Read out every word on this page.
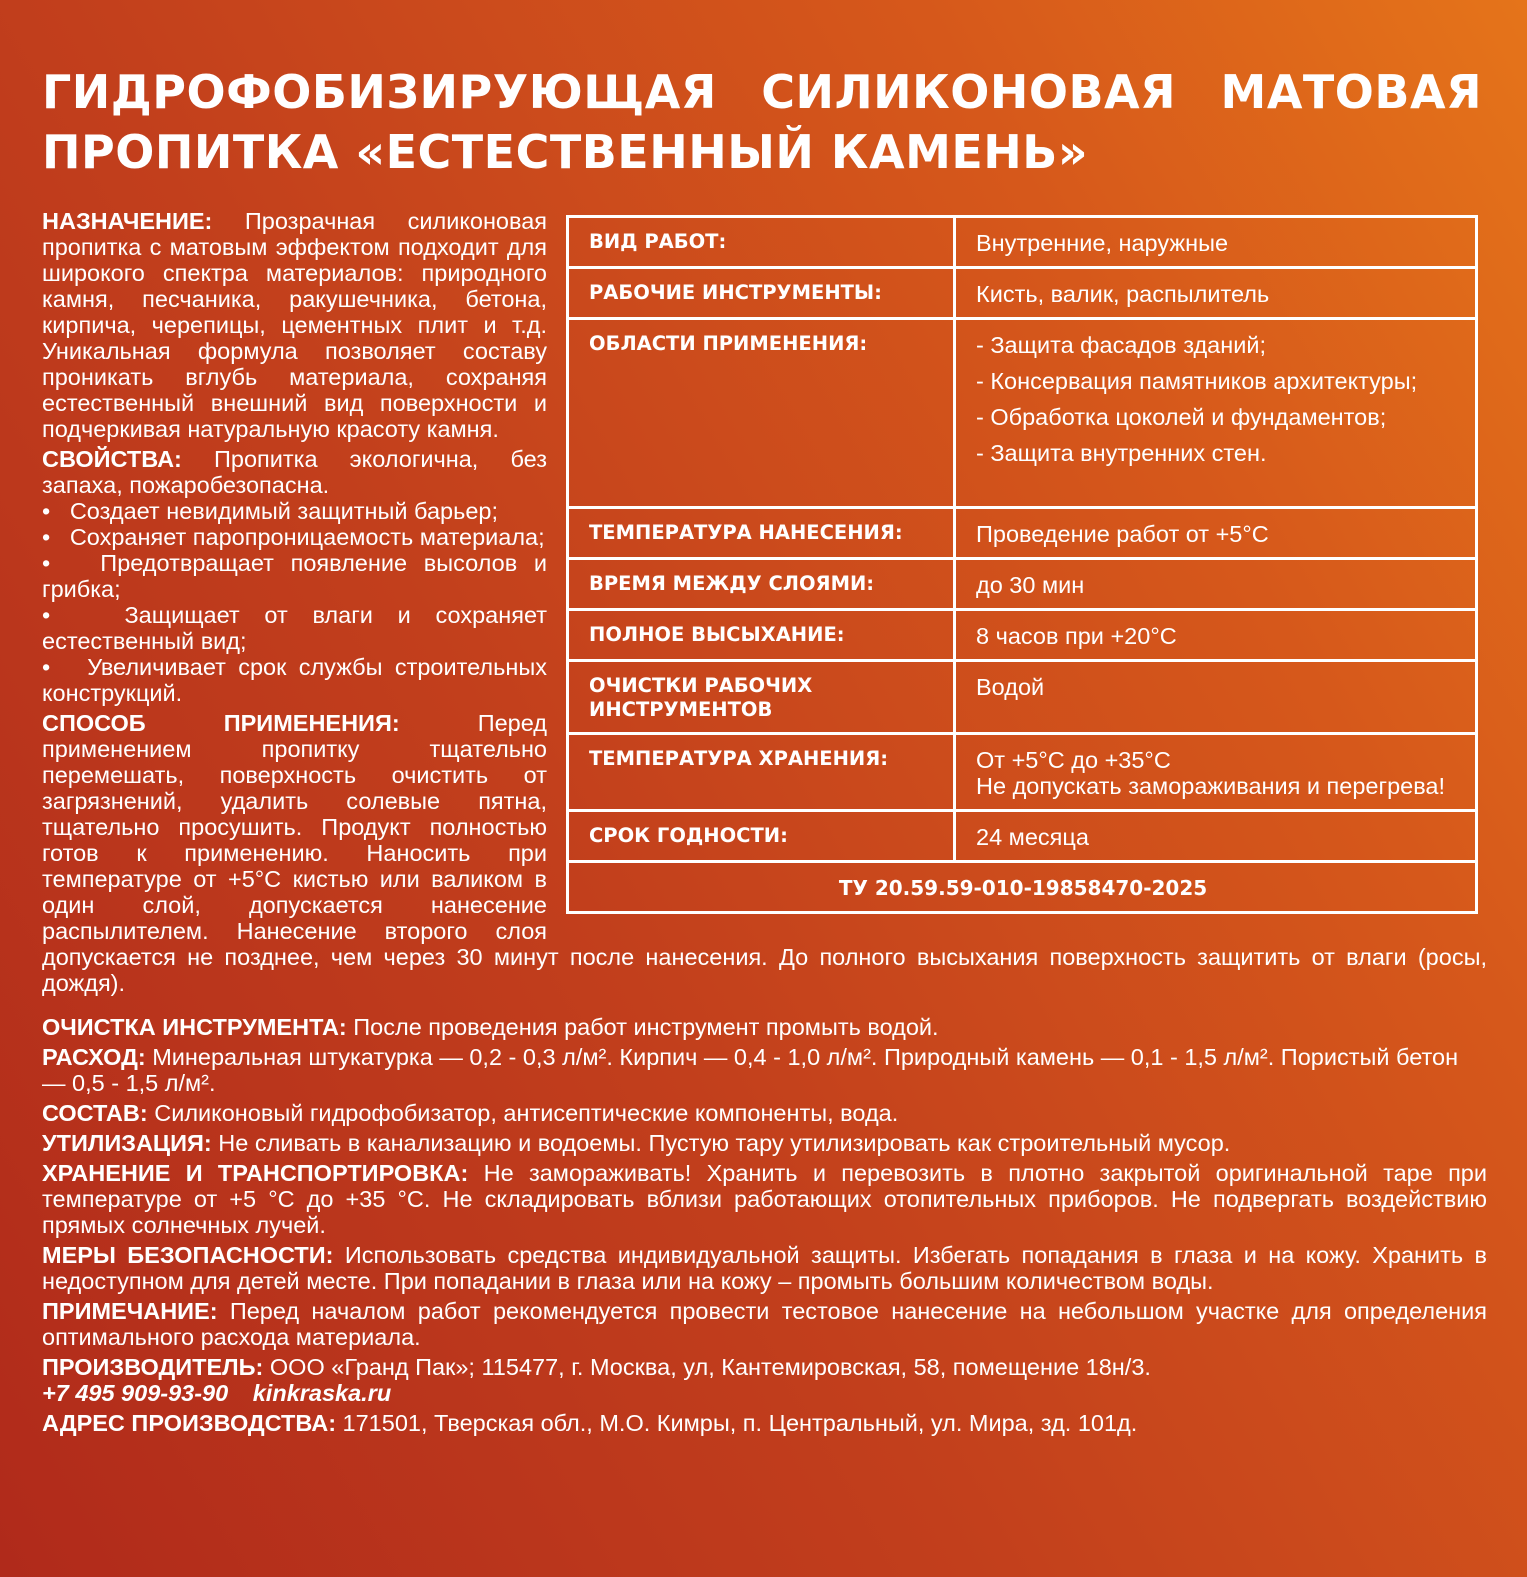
ГИДРОФОБИЗИРУЮЩАЯ СИЛИКОНОВАЯ МАТОВАЯ
ПРОПИТКА «ЕСТЕСТВЕННЫЙ КАМЕНЬ»
ВИД РАБОТ:	Внутренние, наружные
РАБОЧИЕ ИНСТРУМЕНТЫ:	Кисть, валик, распылитель
ОБЛАСТИ ПРИМЕНЕНИЯ:	- Защита фасадов зданий;
- Консервация памятников архитектуры;
- Обработка цоколей и фундаментов;
- Защита внутренних стен.

ТЕМПЕРАТУРА НАНЕСЕНИЯ:	Проведение работ от +5°С
ВРЕМЯ МЕЖДУ СЛОЯМИ:	до 30 мин
ПОЛНОЕ ВЫСЫХАНИЕ:	8 часов при +20°С
ОЧИСТКИ РАБОЧИХ ИНСТРУМЕНТОВ	Водой
ТЕМПЕРАТУРА ХРАНЕНИЯ:	От +5°С до +35°С
Не допускать замораживания и перегрева!

СРОК ГОДНОСТИ:	24 месяца
ТУ 20.59.59-010-19858470-2025	

НАЗНАЧЕНИЕ: Прозрачная силиконовая пропитка с матовым эффектом подходит для широкого спектра материалов: природного камня, песчаника, ракушечника, бетона, кирпича, черепицы, цементных плит и т.д. Уникальная формула позволяет составу проникать вглубь материала, сохраняя естественный внешний вид поверхности и подчеркивая натуральную красоту камня.

СВОЙСТВА: Пропитка экологична, без запаха, пожаробезопасна.

•   Создает невидимый защитный барьер;

•   Сохраняет паропроницаемость материала;

•   Предотвращает появление высолов и грибка;

•   Защищает от влаги и сохраняет естественный вид;

•   Увеличивает срок службы строительных конструкций.

СПОСОБ ПРИМЕНЕНИЯ:	Перед применением пропитку тщательно перемешать, поверхность очистить от загрязнений, удалить солевые пятна, тщательно просушить. Продукт полностью готов к применению. Наносить при температуре от +5°С кистью или валиком в один слой, допускается нанесение распылителем. Нанесение второго слоя допускается не позднее, чем через 30 минут после нанесения. До полного высыхания поверхность защитить от влаги (росы, дождя).

ОЧИСТКА ИНСТРУМЕНТА: После проведения работ инструмент промыть водой.

РАСХОД: Минеральная штукатурка — 0,2 - 0,3 л/м². Кирпич — 0,4 - 1,0 л/м². Природный камень — 0,1 - 1,5 л/м². Пористый бетон — 0,5 - 1,5 л/м².

СОСТАВ: Силиконовый гидрофобизатор, антисептические компоненты, вода.

УТИЛИЗАЦИЯ: Не сливать в канализацию и водоемы. Пустую тару утилизировать как строительный мусор.

ХРАНЕНИЕ И ТРАНСПОРТИРОВКА: Не замораживать! Хранить и перевозить в плотно закрытой оригинальной таре при температуре от +5 °С до +35 °С. Не складировать вблизи работающих отопительных приборов. Не подвергать воздействию прямых солнечных лучей.

МЕРЫ БЕЗОПАСНОСТИ: Использовать средства индивидуальной защиты. Избегать попадания в глаза и на кожу. Хранить в недоступном для детей месте. При попадании в глаза или на кожу – промыть большим количеством воды.

ПРИМЕЧАНИЕ: Перед началом работ рекомендуется провести тестовое нанесение на небольшом участке для определения оптимального расхода материала.

ПРОИЗВОДИТЕЛЬ: ООО «Гранд Пак»; 115477, г. Москва, ул, Кантемировская, 58, помещение 18н/3.

+7 495 909-93-90 kinkraska.ru

АДРЕС ПРОИЗВОДСТВА: 171501, Тверская обл., М.О. Кимры, п. Центральный, ул. Мира, зд. 101д.
